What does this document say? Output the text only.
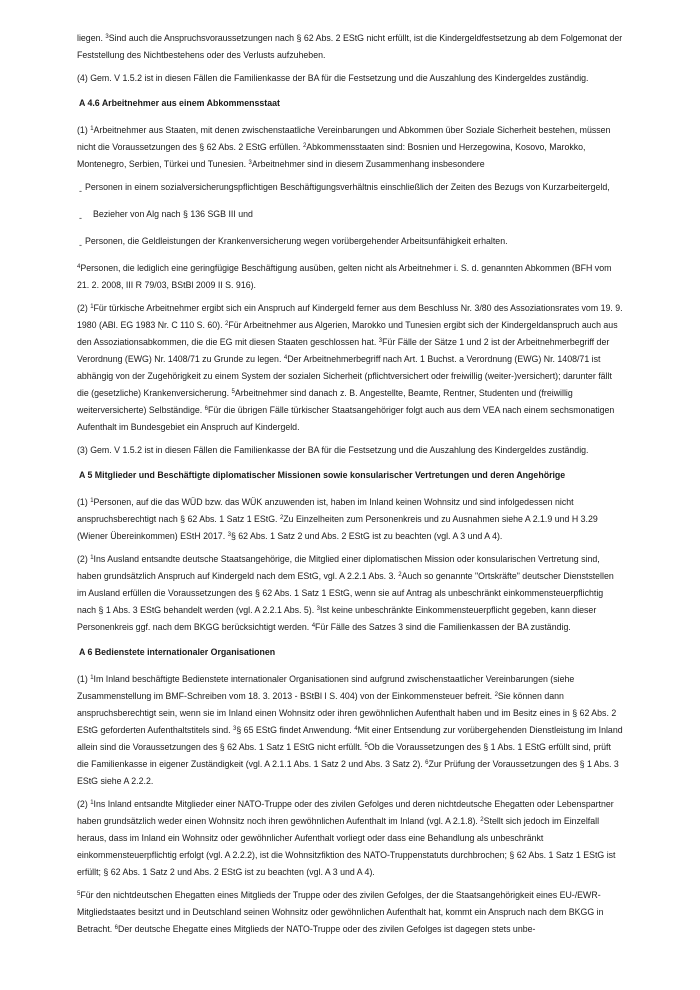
liegen. $^3$Sind auch die Anspruchsvoraussetzungen nach § 62 Abs. 2 EStG nicht erfüllt, ist die Kindergeldfestsetzung ab dem Folgemonat der Feststellung des Nichtbestehens oder des Verlusts aufzuheben.

(4) Gem. V 1.5.2 ist in diesen Fällen die Familienkasse der BA für die Festsetzung und die Auszahlung des Kindergeldes zuständig.

A 4.6 Arbeitnehmer aus einem Abkommensstaat

(1) $^1$Arbeitnehmer aus Staaten, mit denen zwischenstaatliche Vereinbarungen und Abkommen über Soziale Sicherheit bestehen, müssen nicht die Voraussetzungen des § 62 Abs. 2 EStG erfüllen. $^2$Abkommensstaaten sind: Bosnien und Herzegowina, Kosovo, Marokko, Montenegro, Serbien, Türkei und Tunesien. $^3$Arbeitnehmer sind in diesem Zusammenhang insbesondere

- Personen in einem sozialversicherungspflichtigen Beschäftigungsverhältnis einschließlich der Zeiten des Bezugs von Kurzarbeitergeld,
-	Bezieher von Alg nach § 136 SGB III und
- Personen, die Geldleistungen der Krankenversicherung wegen vorübergehender Arbeitsunfähigkeit erhalten.

$^4$Personen, die lediglich eine geringfügige Beschäftigung ausüben, gelten nicht als Arbeitnehmer i. S. d. genannten Abkommen (BFH vom 21. 2. 2008, III R 79/03, BStBl 2009 II S. 916).

(2) $^1$Für türkische Arbeitnehmer ergibt sich ein Anspruch auf Kindergeld ferner aus dem Beschluss Nr. 3/80 des Assoziationsrates vom 19. 9. 1980 (ABl. EG 1983 Nr. C 110 S. 60). $^2$Für Arbeitnehmer aus Algerien, Marokko und Tunesien ergibt sich der Kindergeldanspruch auch aus den Assoziationsabkommen, die die EG mit diesen Staaten geschlossen hat. $^3$Für Fälle der Sätze 1 und 2 ist der Arbeitnehmerbegriff der Verordnung (EWG) Nr. 1408/71 zu Grunde zu legen. $^4$Der Arbeitnehmerbegriff nach Art. 1 Buchst. a Verordnung (EWG) Nr. 1408/71 ist abhängig von der Zugehörigkeit zu einem System der sozialen Sicherheit (pflichtversichert oder freiwillig (weiter-)versichert); darunter fällt die (gesetzliche) Krankenversicherung. $^5$Arbeitnehmer sind danach z. B. Angestellte, Beamte, Rentner, Studenten und (freiwillig weiterversicherte) Selbständige. $^6$Für die übrigen Fälle türkischer Staatsangehöriger folgt auch aus dem VEA nach einem sechsmonatigen Aufenthalt im Bundesgebiet ein Anspruch auf Kindergeld.

(3) Gem. V 1.5.2 ist in diesen Fällen die Familienkasse der BA für die Festsetzung und die Auszahlung des Kindergeldes zuständig.

A 5 Mitglieder und Beschäftigte diplomatischer Missionen sowie konsularischer Vertretungen und deren Angehörige

(1) $^1$Personen, auf die das WÜD bzw. das WÜK anzuwenden ist, haben im Inland keinen Wohnsitz und sind infolgedessen nicht anspruchsberechtigt nach § 62 Abs. 1 Satz 1 EStG. $^2$Zu Einzelheiten zum Personenkreis und zu Ausnahmen siehe A 2.1.9 und H 3.29 (Wiener Übereinkommen) EStH 2017. $^3$§ 62 Abs. 1 Satz 2 und Abs. 2 EStG ist zu beachten (vgl. A 3 und A 4).

(2) $^1$Ins Ausland entsandte deutsche Staatsangehörige, die Mitglied einer diplomatischen Mission oder konsularischen Vertretung sind, haben grundsätzlich Anspruch auf Kindergeld nach dem EStG, vgl. A 2.2.1 Abs. 3. $^2$Auch so genannte "Ortskräfte" deutscher Dienststellen im Ausland erfüllen die Voraussetzungen des § 62 Abs. 1 Satz 1 EStG, wenn sie auf Antrag als unbeschränkt einkommensteuerpflichtig nach § 1 Abs. 3 EStG behandelt werden (vgl. A 2.2.1 Abs. 5). $^3$Ist keine unbeschränkte Einkommensteuerpflicht gegeben, kann dieser Personenkreis ggf. nach dem BKGG berücksichtigt werden. $^4$Für Fälle des Satzes 3 sind die Familienkassen der BA zuständig.

A 6 Bedienstete internationaler Organisationen

(1) $^1$Im Inland beschäftigte Bedienstete internationaler Organisationen sind aufgrund zwischenstaatlicher Vereinbarungen (siehe Zusammenstellung im BMF-Schreiben vom 18. 3. 2013 - BStBl I S. 404) von der Einkommensteuer befreit. $^2$Sie können dann anspruchsberechtigt sein, wenn sie im Inland einen Wohnsitz oder ihren gewöhnlichen Aufenthalt haben und im Besitz eines in § 62 Abs. 2 EStG geforderten Aufenthaltstitels sind. $^3$§ 65 EStG findet Anwendung. $^4$Mit einer Entsendung zur vorübergehenden Dienstleistung im Inland allein sind die Voraussetzungen des § 62 Abs. 1 Satz 1 EStG nicht erfüllt. $^5$Ob die Voraussetzungen des § 1 Abs. 1 EStG erfüllt sind, prüft die Familienkasse in eigener Zuständigkeit (vgl. A 2.1.1 Abs. 1 Satz 2 und Abs. 3 Satz 2). $^6$Zur Prüfung der Voraussetzungen des § 1 Abs. 3 EStG siehe A 2.2.2.

(2) $^1$Ins Inland entsandte Mitglieder einer NATO-Truppe oder des zivilen Gefolges und deren nichtdeutsche Ehegatten oder Lebenspartner haben grundsätzlich weder einen Wohnsitz noch ihren gewöhnlichen Aufenthalt im Inland (vgl. A 2.1.8). $^2$Stellt sich jedoch im Einzelfall heraus, dass im Inland ein Wohnsitz oder gewöhnlicher Aufenthalt vorliegt oder dass eine Behandlung als unbeschränkt einkommensteuerpflichtig erfolgt (vgl. A 2.2.2), ist die Wohnsitzfiktion des NATO-Truppenstatuts durchbrochen; § 62 Abs. 1 Satz 1 EStG ist erfüllt; § 62 Abs. 1 Satz 2 und Abs. 2 EStG ist zu beachten (vgl. A 3 und A 4).

$^5$Für den nichtdeutschen Ehegatten eines Mitglieds der Truppe oder des zivilen Gefolges, der die Staatsangehörigkeit eines EU-/EWR-Mitgliedstaates besitzt und in Deutschland seinen Wohnsitz oder gewöhnlichen Aufenthalt hat, kommt ein Anspruch nach dem BKGG in Betracht. $^6$Der deutsche Ehegatte eines Mitglieds der NATO-Truppe oder des zivilen Gefolges ist dagegen stets unbe-
